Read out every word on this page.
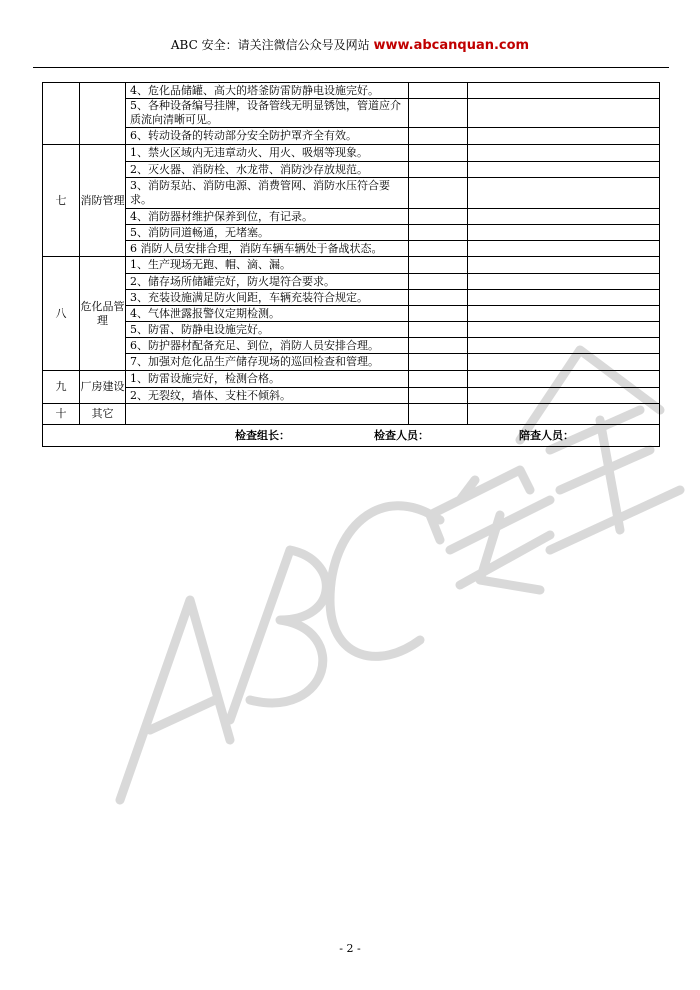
ABC 安全：请关注微信公众号及网站 www.abcanquan.com
		4、危化品储罐、高大的塔釜防雷防静电设施完好。		
		5、各种设备编号挂牌，设备管线无明显锈蚀，管道应介质流向清晰可见。		
		6、转动设备的转动部分安全防护罩齐全有效。		
七	消防管理	1、禁火区域内无违章动火、用火、吸烟等现象。		
		2、灭火器、消防栓、水龙带、消防沙存放规范。		
		3、消防泵站、消防电源、消费管网、消防水压符合要求。		
		4、消防器材维护保养到位，有记录。		
		5、消防同道畅通，无堵塞。		
		6 消防人员安排合理，消防车辆车辆处于备战状态。		
八	危化品管理	1、生产现场无跑、帽、滴、漏。		
		2、储存场所储罐完好，防火堤符合要求。		
		3、充装设施满足防火间距，车辆充装符合规定。		
		4、气体泄露报警仪定期检测。		
		5、防雷、防静电设施完好。		
		6、防护器材配备充足、到位，消防人员安排合理。		
		7、加强对危化品生产储存现场的巡回检查和管理。		
九	厂房建设	1、防雷设施完好，检测合格。		
		2、无裂纹，墙体、支柱不倾斜。		
十	其它			
检查组长： 检查人员： 陪查人员：				
- 2 -
